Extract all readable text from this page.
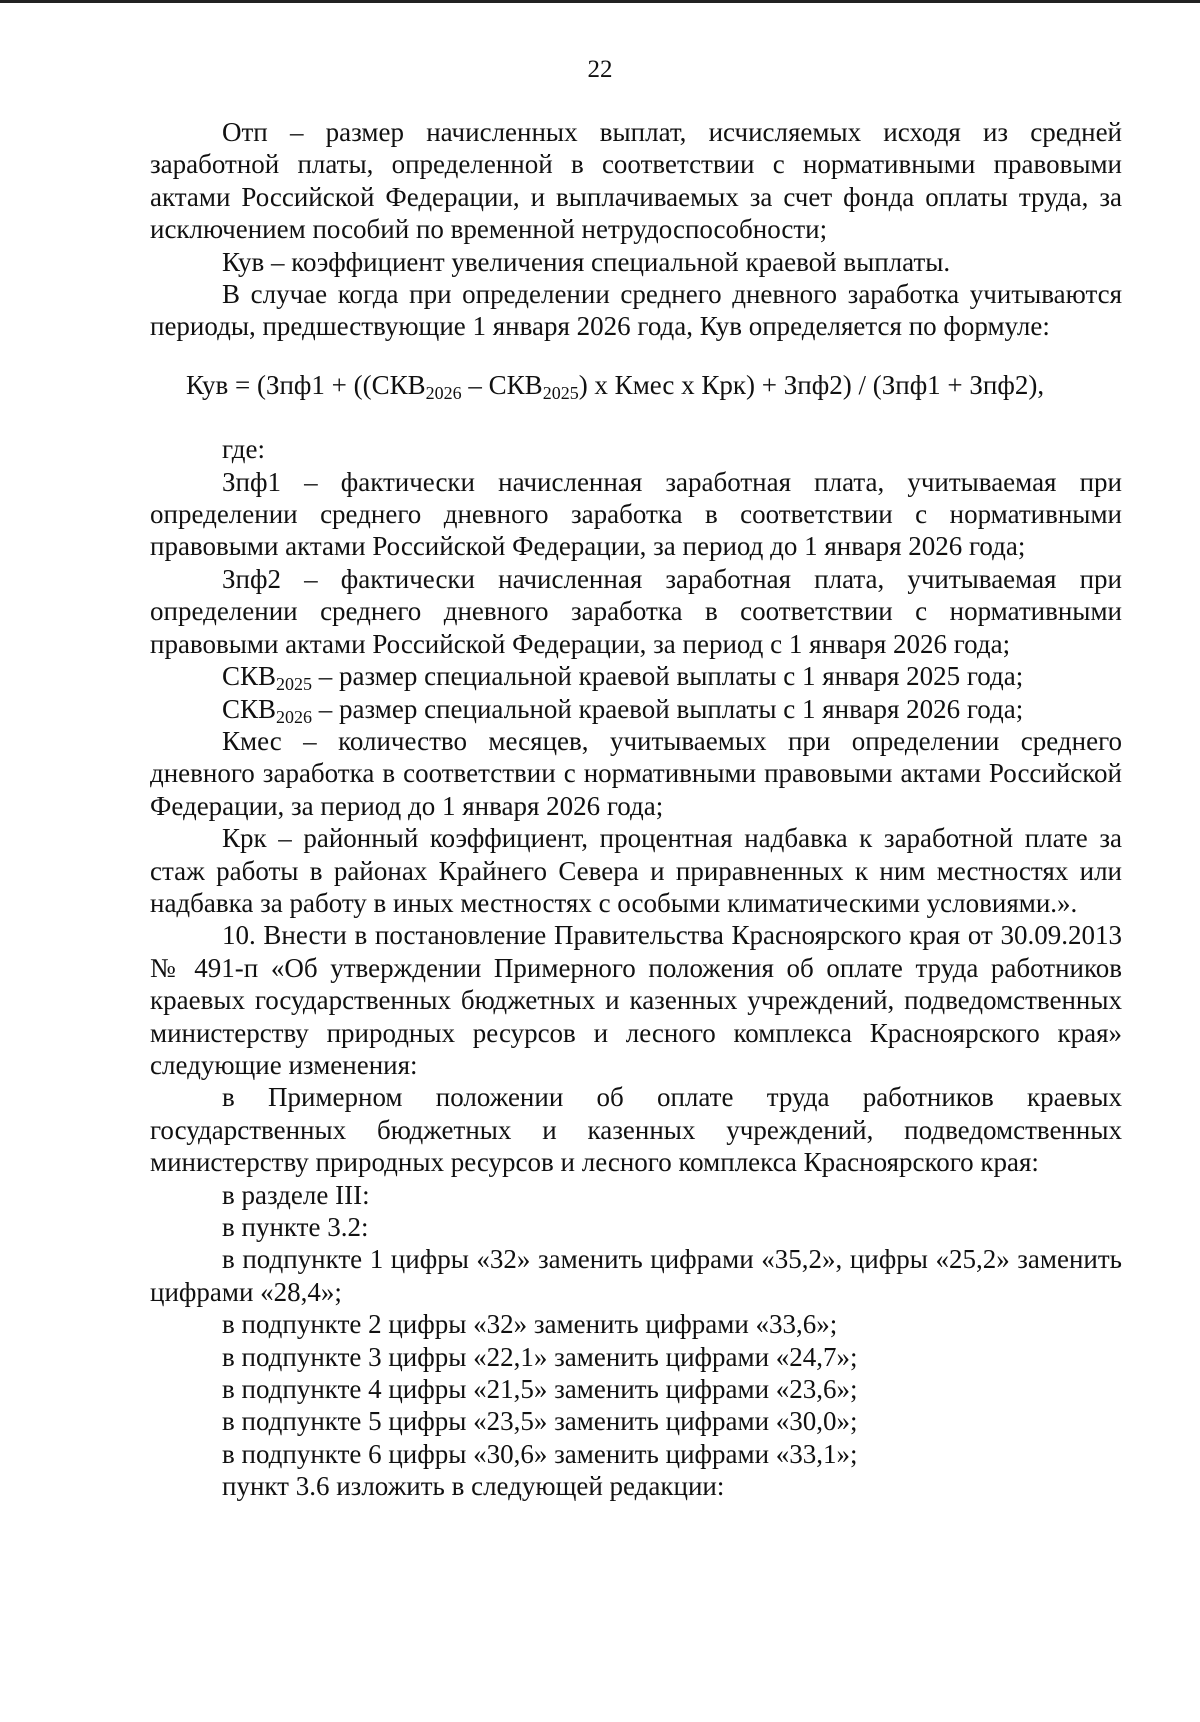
22

Отп – размер начисленных выплат, исчисляемых исходя из средней заработной платы, определенной в соответствии с нормативными правовыми актами Российской Федерации, и выплачиваемых за счет фонда оплаты труда, за исключением пособий по временной нетрудоспособности;

Кув – коэффициент увеличения специальной краевой выплаты.

В случае когда при определении среднего дневного заработка учитываются периоды, предшествующие 1 января 2026 года, Кув определяется по формуле:

Кув = ($Зпф1 + ((СКВ_{2026} - СКВ_{2025})$ х Кмес х Крк) + Зпф2) / (Зпф1 + Зпф2),

где:

Зпф1 – фактически начисленная заработная плата, учитываемая при определении среднего дневного заработка в соответствии с нормативными правовыми актами Российской Федерации, за период до 1 января 2026 года;

Зпф2 – фактически начисленная заработная плата, учитываемая при определении среднего дневного заработка в соответствии с нормативными правовыми актами Российской Федерации, за период с 1 января 2026 года;

$СКВ_{2025}$ – размер специальной краевой выплаты с 1 января 2025 года;

$СКВ_{2026}$ – размер специальной краевой выплаты с 1 января 2026 года;

Кмес – количество месяцев, учитываемых при определении среднего дневного заработка в соответствии с нормативными правовыми актами Российской Федерации, за период до 1 января 2026 года;

Крк – районный коэффициент, процентная надбавка к заработной плате за стаж работы в районах Крайнего Севера и приравненных к ним местностях или надбавка за работу в иных местностях с особыми климатическими условиями.».

10. Внести в постановление Правительства Красноярского края от 30.09.2013 № 491-п «Об утверждении Примерного положения об оплате труда работников краевых государственных бюджетных и казенных учреждений, подведомственных министерству природных ресурсов и лесного комплекса Красноярского края» следующие изменения:

в Примерном положении об оплате труда работников краевых государственных бюджетных и казенных учреждений, подведомственных министерству природных ресурсов и лесного комплекса Красноярского края:

в разделе III:

в пункте 3.2:

в подпункте 1 цифры «32» заменить цифрами «35,2», цифры «25,2» заменить цифрами «28,4»;

в подпункте 2 цифры «32» заменить цифрами «33,6»;

в подпункте 3 цифры «22,1» заменить цифрами «24,7»;

в подпункте 4 цифры «21,5» заменить цифрами «23,6»;

в подпункте 5 цифры «23,5» заменить цифрами «30,0»;

в подпункте 6 цифры «30,6» заменить цифрами «33,1»;

пункт 3.6 изложить в следующей редакции:
